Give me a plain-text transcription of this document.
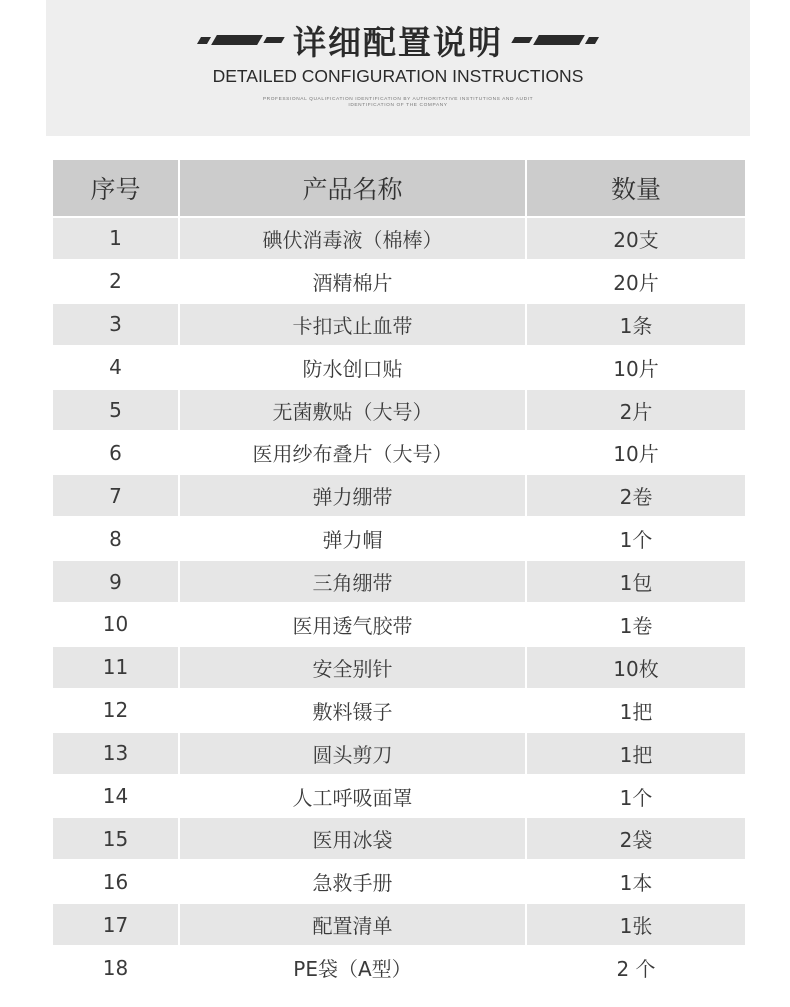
详细配置说明
DETAILED CONFIGURATION INSTRUCTIONS
PROFESSIONAL QUALIFICATION IDENTIFICATION BY AUTHORITATIVE INSTITUTIONS AND AUDIT
IDENTIFICATION OF THE COMPANY
序号	产品名称	数量
1	碘伏消毒液（棉棒）	20支
2	酒精棉片	20片
3	卡扣式止血带	1条
4	防水创口贴	10片
5	无菌敷贴（大号）	2片
6	医用纱布叠片（大号）	10片
7	弹力绷带	2卷
8	弹力帽	1个
9	三角绷带	1包
10	医用透气胶带	1卷
11	安全别针	10枚
12	敷料镊子	1把
13	圆头剪刀	1把
14	人工呼吸面罩	1个
15	医用冰袋	2袋
16	急救手册	1本
17	配置清单	1张
18	PE袋（A型）	2 个
